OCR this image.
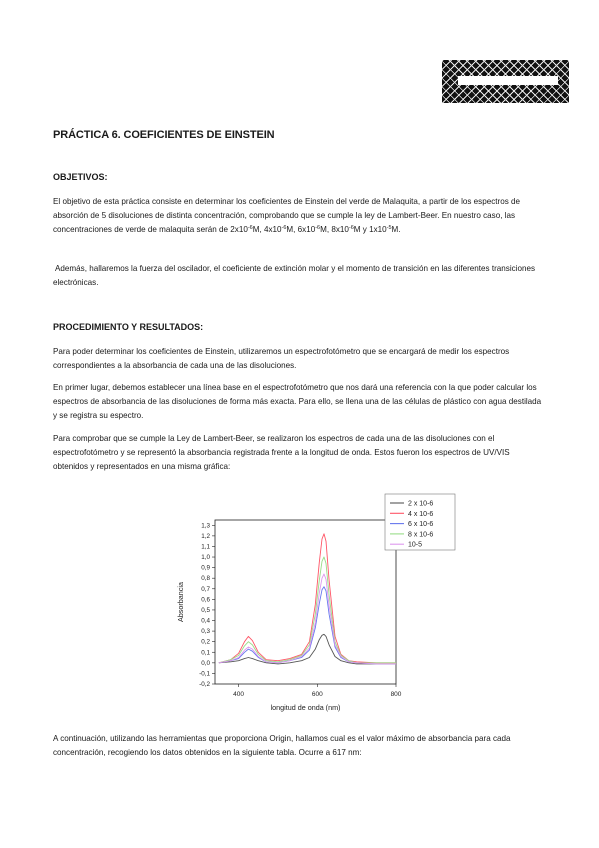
PRÁCTICA 6. COEFICIENTES DE EINSTEIN
OBJETIVOS:

El objetivo de esta práctica consiste en determinar los coeficientes de Einstein del verde de Malaquita, a partir de los espectros de absorción de 5 disoluciones de distinta concentración, comprobando que se cumple la ley de Lambert-Beer. En nuestro caso, las concentraciones de verde de malaquita serán de $2x10^{-6}M$, $4x10^{-6}M$, $6x10^{-6}M$, $8x10^{-6}M$ y $1x10^{-5}M$.

Además, hallaremos la fuerza del oscilador, el coeficiente de extinción molar y el momento de transición en las diferentes transiciones electrónicas.

PROCEDIMIENTO Y RESULTADOS:

Para poder determinar los coeficientes de Einstein, utilizaremos un espectrofotómetro que se encargará de medir los espectros correspondientes a la absorbancia de cada una de las disoluciones.

En primer lugar, debemos establecer una línea base en el espectrofotómetro que nos dará una referencia con la que poder calcular los espectros de absorbancia de las disoluciones de forma más exacta. Para ello, se llena una de las células de plástico con agua destilada y se registra su espectro.

Para comprobar que se cumple la Ley de Lambert-Beer, se realizaron los espectros de cada una de las disoluciones con el espectrofotómetro y se representó la absorbancia registrada frente a la longitud de onda. Estos fueron los espectros de UV/VIS obtenidos y representados en una misma gráfica:

-0,2
-0,1
0,0
0,1
0,2
0,3
0,4
0,5
0,6
0,7
0,8
0,9
1,0
1,1
1,2
1,3
400	600	800
longitud de onda (nm)
Absorbancia
2 x 10-6
4 x 10-6
6 x 10-6
8 x 10-6
10-5

A continuación, utilizando las herramientas que proporciona Origin, hallamos cual es el valor máximo de absorbancia para cada concentración, recogiendo los datos obtenidos en la siguiente tabla. Ocurre a 617 nm:
